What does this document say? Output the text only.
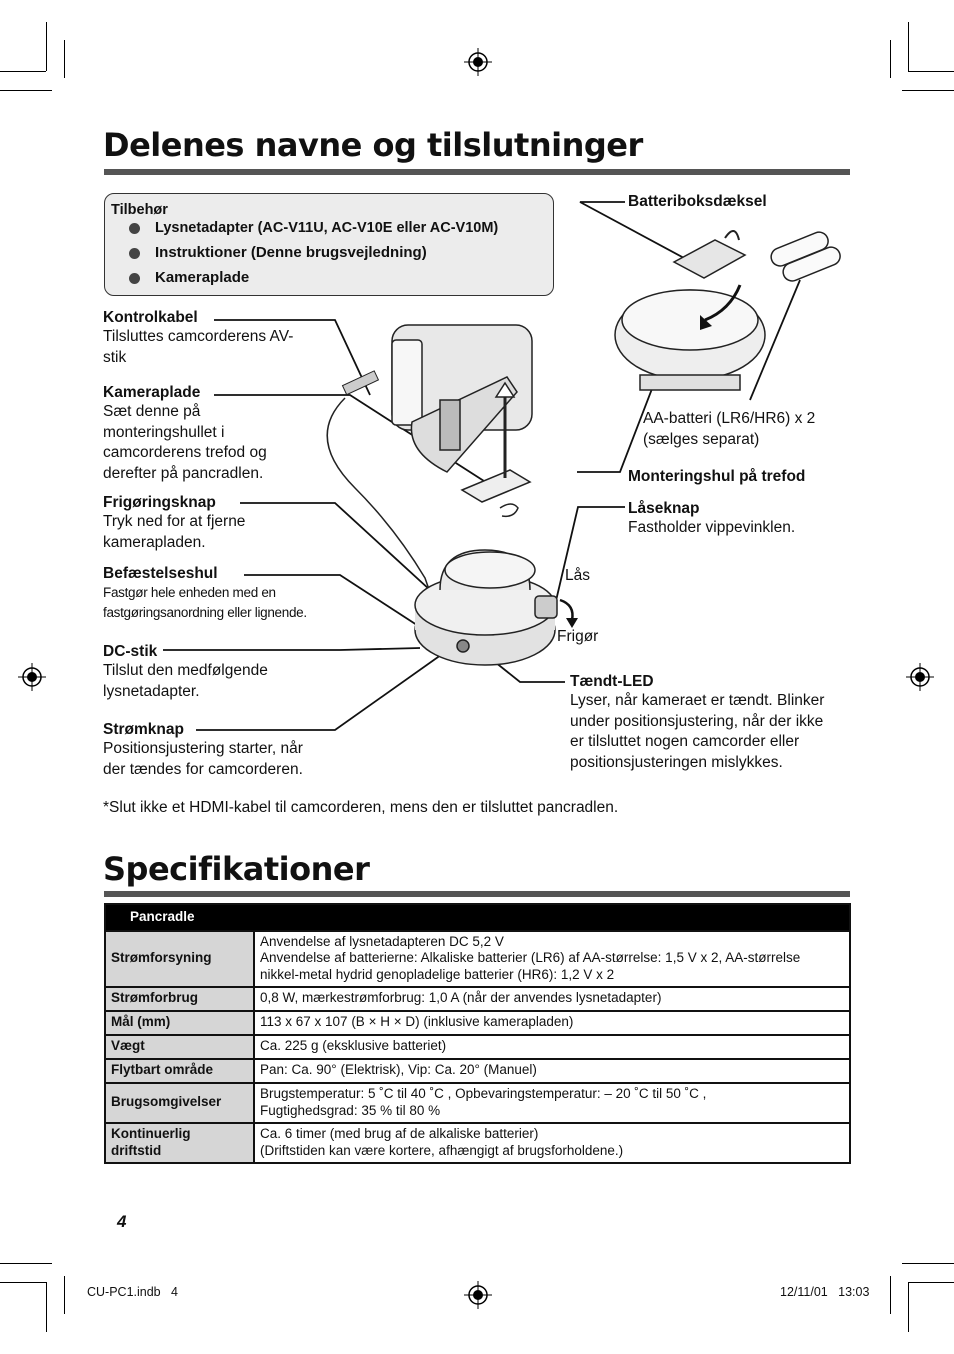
Delenes navne og tilslutninger
Tilbehør
Lysnetadapter (AC-V11U, AC-V10E eller AC-V10M)
Instruktioner (Denne brugsvejledning)
Kameraplade
Kontrolkabel
Tilsluttes camcorderens AV-
stik
Kameraplade
Sæt denne på
monteringshullet i
camcorderens trefod og
derefter på pancradlen.
Frigøringsknap
Tryk ned for at fjerne
kamerapladen.
Befæstelseshul
Fastgør hele enheden med en
fastgøringsanordning eller lignende.
DC-stik
Tilslut den medfølgende
lysnetadapter.
Strømknap
Positionsjustering starter, når
der tændes for camcorderen.
Batteriboksdæksel
AA-batteri (LR6/HR6) x 2
(sælges separat)
Monteringshul på trefod
Låseknap
Fastholder vippevinklen.
Lås
Frigør
Tændt-LED
Lyser, når kameraet er tændt. Blinker
under positionsjustering, når der ikke
er tilsluttet nogen camcorder eller
positionsjusteringen mislykkes.
*Slut ikke et HDMI-kabel til camcorderen, mens den er tilsluttet pancradlen.
Specifikationer
Pancradle	
Strømforsyning	Anvendelse af lysnetadapteren DC 5,2 V
Anvendelse af batterierne: Alkaliske batterier (LR6) af AA-størrelse: 1,5 V x 2, AA-størrelse
nikkel-metal hydrid genopladelige batterier (HR6): 1,2 V x 2
Strømforbrug	0,8 W, mærkestrømforbrug: 1,0 A (når der anvendes lysnetadapter)
Mål (mm)	113 x 67 x 107 (B × H × D) (inklusive kamerapladen)
Vægt	Ca. 225 g (eksklusive batteriet)
Flytbart område	Pan: Ca. 90° (Elektrisk), Vip: Ca. 20° (Manuel)
Brugsomgivelser	Brugstemperatur: 5 ˚C til 40 ˚C , Opbevaringstemperatur: – 20 ˚C til 50 ˚C ,
Fugtighedsgrad: 35 % til 80 %
Kontinuerlig
driftstid	Ca. 6 timer (med brug af de alkaliske batterier)
(Driftstiden kan være kortere, afhængigt af brugsforholdene.)
4
CU-PC1.indb   4	12/11/01   13:03
